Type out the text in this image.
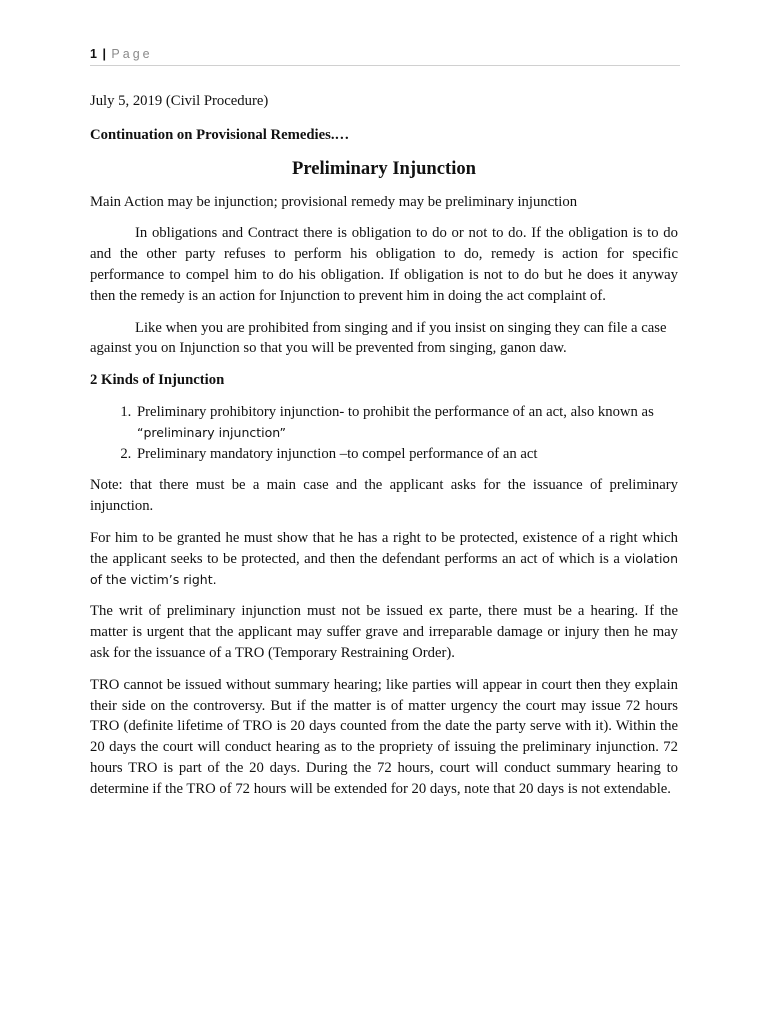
1 | Page

July 5, 2019 (Civil Procedure)

Continuation on Provisional Remedies.…

Preliminary Injunction

Main Action may be injunction; provisional remedy may be preliminary injunction

In obligations and Contract there is obligation to do or not to do. If the obligation is to do and the other party refuses to perform his obligation to do, remedy is action for specific performance to compel him to do his obligation. If obligation is not to do but he does it anyway then the remedy is an action for Injunction to prevent him in doing the act complaint of.

Like when you are prohibited from singing and if you insist on singing they can file a case against you on Injunction so that you will be prevented from singing, ganon daw.

2 Kinds of Injunction

1. Preliminary prohibitory injunction- to prohibit the performance of an act, also known as “preliminary injunction”
2. Preliminary mandatory injunction –to compel performance of an act

Note: that there must be a main case and the applicant asks for the issuance of preliminary injunction.

For him to be granted he must show that he has a right to be protected, existence of a right which the applicant seeks to be protected, and then the defendant performs an act of which is a violation of the victim’s right.

The writ of preliminary injunction must not be issued ex parte, there must be a hearing. If the matter is urgent that the applicant may suffer grave and irreparable damage or injury then he may ask for the issuance of a TRO (Temporary Restraining Order).

TRO cannot be issued without summary hearing; like parties will appear in court then they explain their side on the controversy. But if the matter is of matter urgency the court may issue 72 hours TRO (definite lifetime of TRO is 20 days counted from the date the party serve with it). Within the 20 days the court will conduct hearing as to the propriety of issuing the preliminary injunction. 72 hours TRO is part of the 20 days. During the 72 hours, court will conduct summary hearing to determine if the TRO of 72 hours will be extended for 20 days, note that 20 days is not extendable.
